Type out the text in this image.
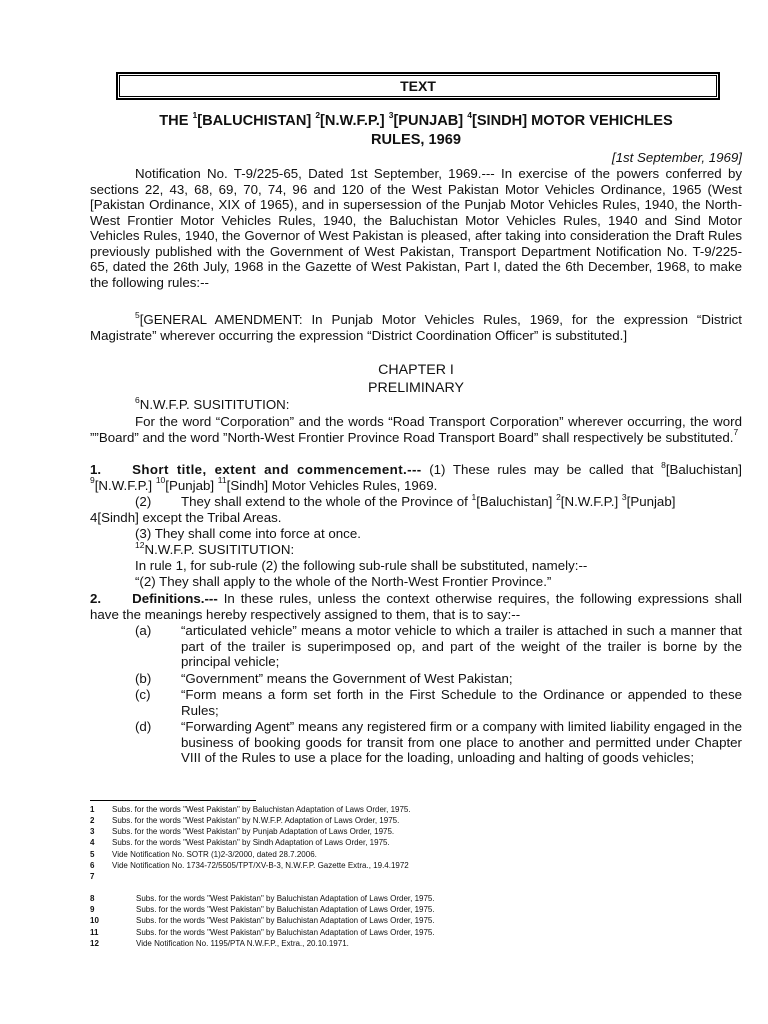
TEXT
THE $^1$[BALUCHISTAN] $^2$[N.W.F.P.] $^3$[PUNJAB] $^4$[SINDH] MOTOR VEHICHLES
RULES, 1969
[1st September, 1969]
Notification No. T-9/225-65, Dated 1st September, 1969.--- In exercise of the powers conferred by sections 22, 43, 68, 69, 70, 74, 96 and 120 of the West Pakistan Motor Vehicles Ordinance, 1965 (West [Pakistan Ordinance, XIX of 1965), and in supersession of the Punjab Motor Vehicles Rules, 1940, the North- West Frontier Motor Vehicles Rules, 1940, the Baluchistan Motor Vehicles Rules, 1940 and Sind Motor Vehicles Rules, 1940, the Governor of West Pakistan is pleased, after taking into consideration the Draft Rules previously published with the Government of West Pakistan, Transport Department Notification No. T-9/225-65, dated the 26th July, 1968 in the Gazette of West Pakistan, Part I, dated the 6th December, 1968, to make the following rules:--
$^5$[GENERAL AMENDMENT: In Punjab Motor Vehicles Rules, 1969, for the expression “District Magistrate” wherever occurring the expression “District Coordination Officer” is substituted.]
CHAPTER I
PRELIMINARY
$^6$N.W.F.P. SUSITITUTION:
For the word “Corporation” and the words “Road Transport Corporation” wherever occurring, the word ””Board” and the word ”North-West Frontier Province Road Transport Board” shall respectively be substituted.$^7$
1. Short title, extent and commencement.--- (1) These rules may be called that $^8$[Baluchistan] $^9$[N.W.F.P.] $^{10}$[Punjab] $^{11}$[Sindh] Motor Vehicles Rules, 1969.
(2) They shall extend to the whole of the Province of $^1$[Baluchistan] $^2$[N.W.F.P.] $^3$[Punjab]
4[Sindh] except the Tribal Areas.
(3) They shall come into force at once.
$^{12}$N.W.F.P. SUSITITUTION:
In rule 1, for sub-rule (2) the following sub-rule shall be substituted, namely:--
“(2) They shall apply to the whole of the North-West Frontier Province.”
2. Definitions.--- In these rules, unless the context otherwise requires, the following expressions shall have the meanings hereby respectively assigned to them, that is to say:--
(a) “articulated vehicle” means a motor vehicle to which a trailer is attached in such a manner that part of the trailer is superimposed op, and part of the weight of the trailer is borne by the principal vehicle;
(b) “Government” means the Government of West Pakistan;
(c) “Form means a form set forth in the First Schedule to the Ordinance or appended to these Rules;
(d) “Forwarding Agent” means any registered firm or a company with limited liability engaged in the business of booking goods for transit from one place to another and permitted under Chapter VIII of the Rules to use a place for the loading, unloading and halting of goods vehicles;
1 Subs. for the words "West Pakistan" by Baluchistan Adaptation of Laws Order, 1975.
2 Subs. for the words "West Pakistan" by N.W.F.P. Adaptation of Laws Order, 1975.
3 Subs. for the words "West Pakistan" by Punjab Adaptation of Laws Order, 1975.
4 Subs. for the words "West Pakistan" by Sindh Adaptation of Laws Order, 1975.
5 Vide Notification No. SOTR (1)2-3/2000, dated 28.7.2006.
6 Vide Notification No. 1734-72/5505/TPT/XV-B-3, N.W.F.P. Gazette Extra., 19.4.1972
7
8	Subs. for the words "West Pakistan" by Baluchistan Adaptation of Laws Order, 1975.
9	Subs. for the words "West Pakistan" by Baluchistan Adaptation of Laws Order, 1975.
10	Subs. for the words "West Pakistan" by Baluchistan Adaptation of Laws Order, 1975.
11	Subs. for the words "West Pakistan" by Baluchistan Adaptation of Laws Order, 1975.
12	Vide Notification No. 1195/PTA N.W.F.P., Extra., 20.10.1971.
